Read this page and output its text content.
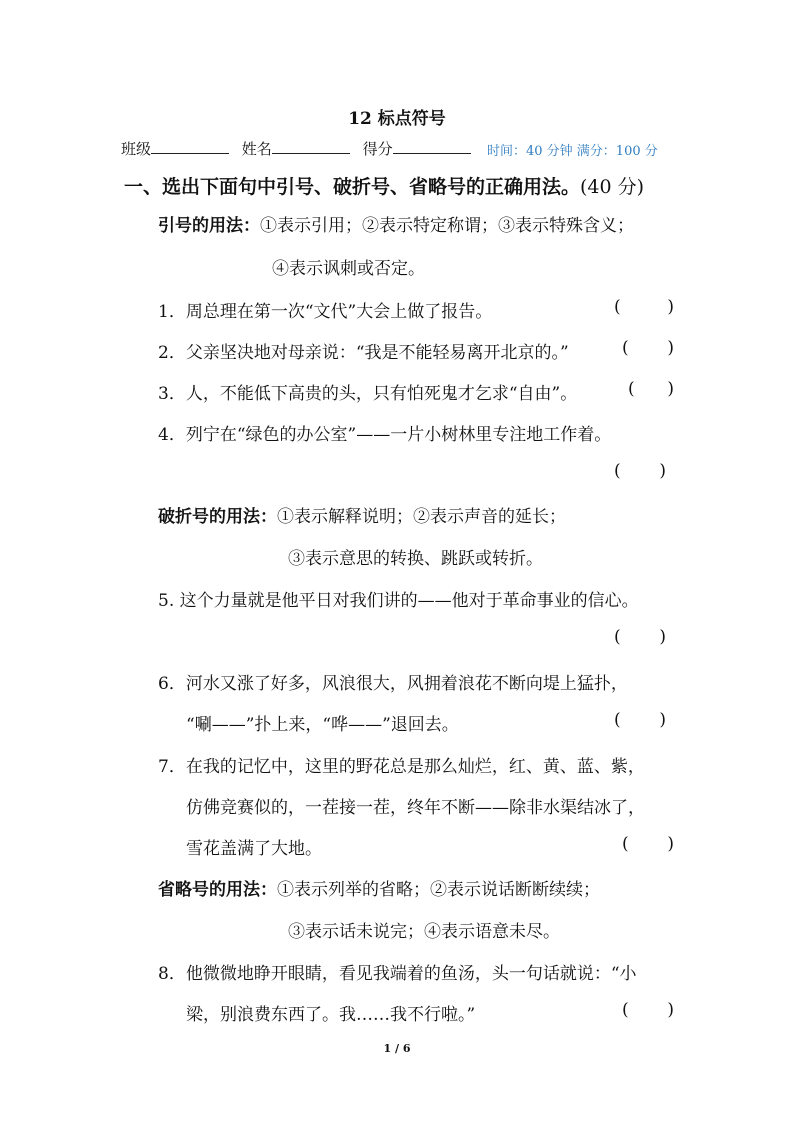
12 标点符号
班级	姓名	得分	时间：40 分钟 满分：100 分
一、选出下面句中引号、破折号、省略号的正确用法。(40 分)
引号的用法：①表示引用；②表示特定称谓；③表示特殊含义；
④表示讽刺或否定。
1．周总理在第一次“文代”大会上做了报告。	(	)
2．父亲坚决地对母亲说：“我是不能轻易离开北京的。”	( )
3．人，不能低下高贵的头，只有怕死鬼才乞求“自由”。	( )
4．列宁在“绿色的办公室”——一片小树林里专注地工作着。
( )
破折号的用法：①表示解释说明；②表示声音的延长；
③表示意思的转换、跳跃或转折。
5. 这个力量就是他平日对我们讲的——他对于革命事业的信心。
( )
6．河水又涨了好多，风浪很大，风拥着浪花不断向堤上猛扑，
“唰——”扑上来，“哗——”退回去。	( )
7．在我的记忆中，这里的野花总是那么灿烂，红、黄、蓝、紫，
仿佛竞赛似的，一茬接一茬，终年不断——除非水渠结冰了，
雪花盖满了大地。	( )
省略号的用法：①表示列举的省略；②表示说话断断续续；
③表示话未说完；④表示语意未尽。
8．他微微地睁开眼睛，看见我端着的鱼汤，头一句话就说：“小
梁，别浪费东西了。我……我不行啦。”	( )
1 / 6
